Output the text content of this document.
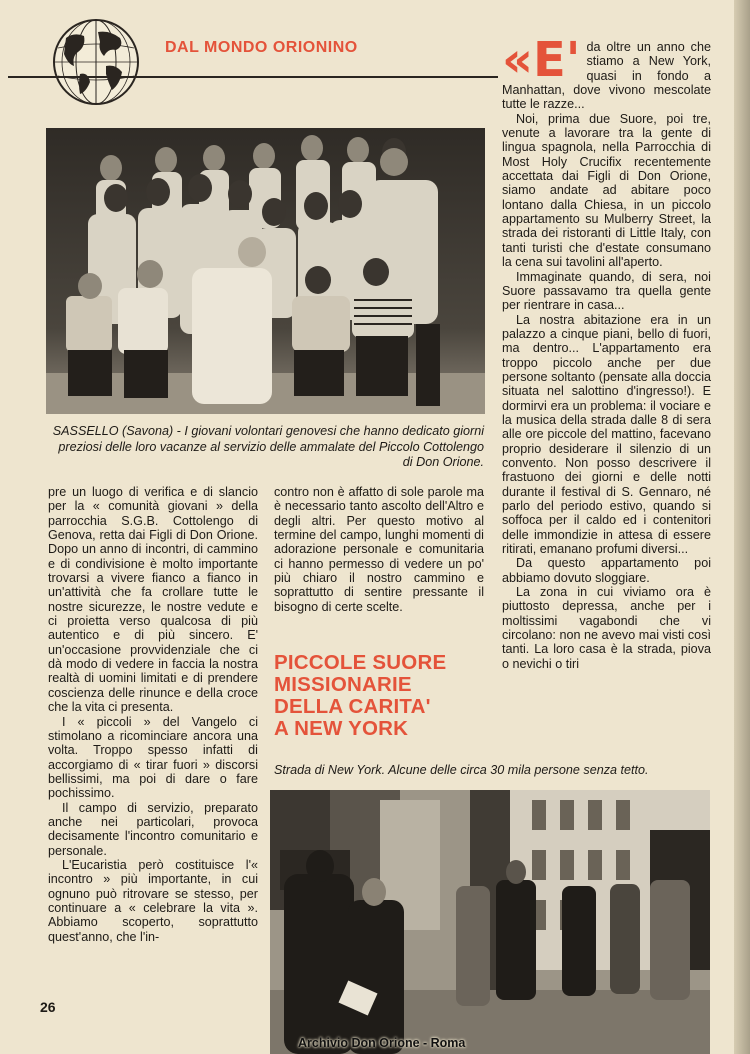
DAL MONDO ORIONINO
SASSELLO (Savona) - I giovani volontari genovesi che hanno dedicato giorni preziosi delle loro vacanze al servizio delle ammalate del Piccolo Cottolengo di Don Orione.

pre un luogo di verifica e di slancio per la « comunità giovani » della parrocchia S.G.B. Cottolengo di Genova, retta dai Figli di Don Orione. Dopo un anno di incontri, di cammino e di condivisione è molto importante trovarsi a vivere fianco a fianco in un'attività che fa crollare tutte le nostre sicurezze, le nostre vedute e ci proietta verso qualcosa di più autentico e di più sincero. E' un'occasione provvidenziale che ci dà modo di vedere in faccia la nostra realtà di uomini limitati e di prendere coscienza delle rinunce e della croce che la vita ci presenta.

I « piccoli » del Vangelo ci stimolano a ricominciare ancora una volta. Troppo spesso infatti di accorgiamo di « tirar fuori » discorsi bellissimi, ma poi di dare o fare pochissimo.

Il campo di servizio, preparato anche nei particolari, provoca decisamente l'incontro comunitario e personale.

L'Eucaristia però costituisce l'« incontro » più importante, in cui ognuno può ritrovare se stesso, per continuare a « celebrare la vita ». Abbiamo scoperto, soprattutto quest'anno, che l'in-

contro non è affatto di sole parole ma è necessario tanto ascolto dell'Altro e degli altri. Per questo motivo al termine del campo, lunghi momenti di adorazione personale e comunitaria ci hanno permesso di vedere un po' più chiaro il nostro cammino e soprattutto di sentire pressante il bisogno di certe scelte.

PICCOLE SUORE
MISSIONARIE
DELLA CARITA'
A NEW YORK

«E' da oltre un anno che stiamo a New York, quasi in fondo a Manhattan, dove vivono mescolate tutte le razze...

Noi, prima due Suore, poi tre, venute a lavorare tra la gente di lingua spagnola, nella Parrocchia di Most Holy Crucifix recentemente accettata dai Figli di Don Orione, siamo andate ad abitare poco lontano dalla Chiesa, in un piccolo appartamento su Mulberry Street, la strada dei ristoranti di Little Italy, con tanti turisti che d'estate consumano la cena sui tavolini all'aperto.

Immaginate quando, di sera, noi Suore passavamo tra quella gente per rientrare in casa...

La nostra abitazione era in un palazzo a cinque piani, bello di fuori, ma dentro... L'appartamento era troppo piccolo anche per due persone soltanto (pensate alla doccia situata nel salottino d'ingresso!). E dormirvi era un problema: il vociare e la musica della strada dalle 8 di sera alle ore piccole del mattino, facevano proprio desiderare il silenzio di un convento. Non posso descrivere il frastuono dei giorni e delle notti durante il festival di S. Gennaro, né parlo del periodo estivo, quando si soffoca per il caldo ed i contenitori delle immondizie in attesa di essere ritirati, emanano profumi diversi...

Da questo appartamento poi abbiamo dovuto sloggiare.

La zona in cui viviamo ora è piuttosto depressa, anche per i moltissimi vagabondi che vi circolano: non ne avevo mai visti così tanti. La loro casa è la strada, piova o nevichi o tiri

Strada di New York. Alcune delle circa 30 mila persone senza tetto.
26
Archivio Don Orione - Roma
